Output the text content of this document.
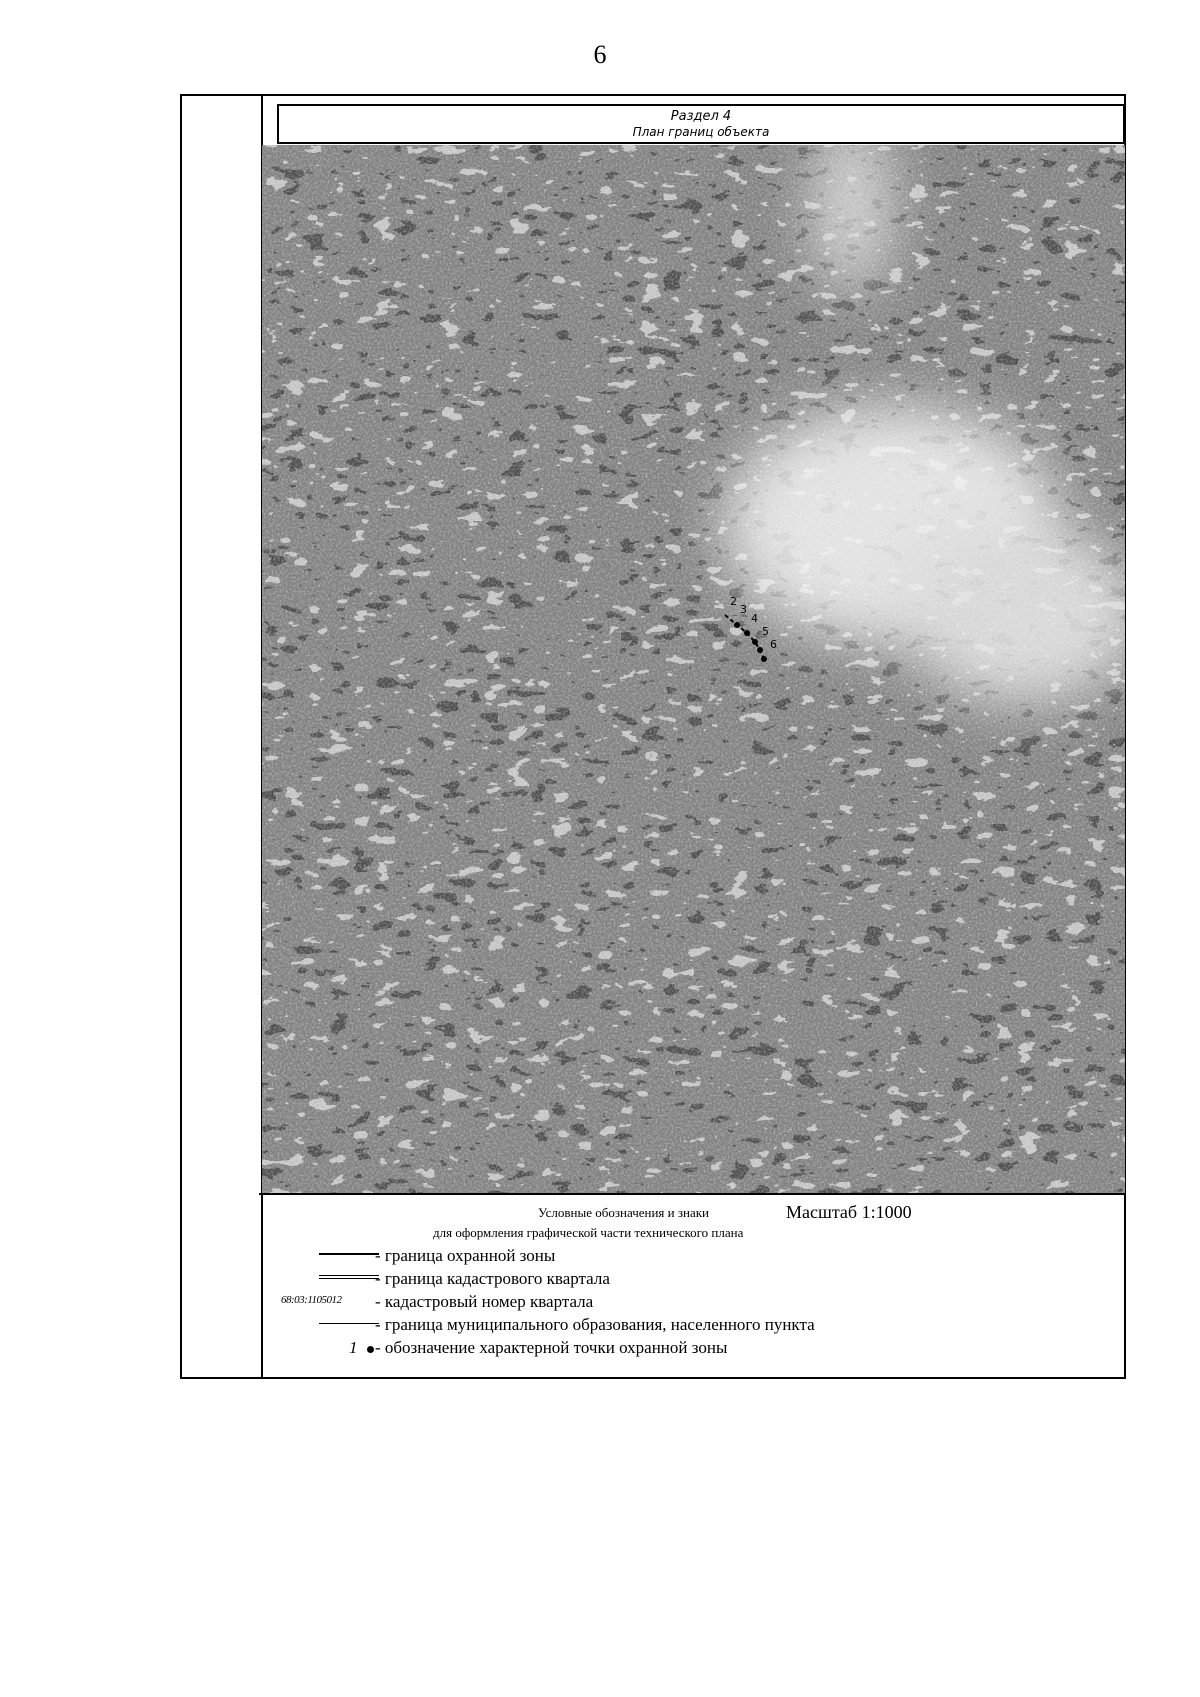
6
Раздел 4
План границ объекта
2
3
4
5
6
Условные обозначения и знаки	Масштаб 1:1000
для оформления графической части технического плана
- граница охранной зоны
- граница кадастрового квартала
68:03:1105012 - кадастровый номер квартала
- граница муниципального образования, населенного пункта
1 - обозначение характерной точки охранной зоны
